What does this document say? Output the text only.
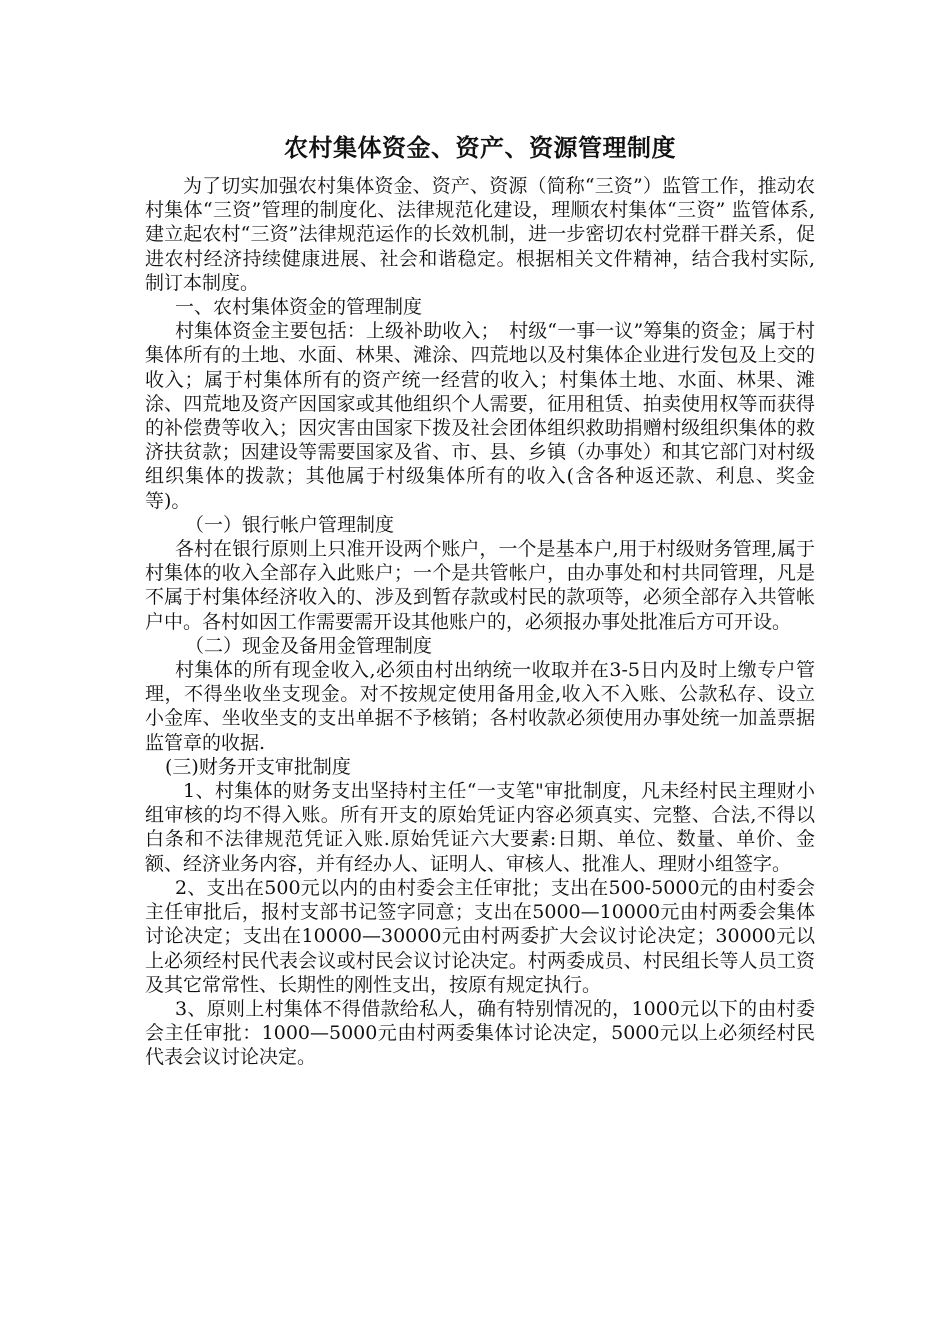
农村集体资金、资产、资源管理制度

为了切实加强农村集体资金、资产、资源（简称“三资”）监管工作，推动农村集体“三资”管理的制度化、法律规范化建设，理顺农村集体“三资” 监管体系,建立起农村“三资”法律规范运作的长效机制，进一步密切农村党群干群关系，促进农村经济持续健康进展、社会和谐稳定。根据相关文件精神，结合我村实际,制订本制度。

一、农村集体资金的管理制度

村集体资金主要包括：上级补助收入；　村级“一事一议”筹集的资金；属于村集体所有的土地、水面、林果、滩涂、四荒地以及村集体企业进行发包及上交的收入；属于村集体所有的资产统一经营的收入；村集体土地、水面、林果、滩涂、四荒地及资产因国家或其他组织个人需要，征用租赁、拍卖使用权等而获得的补偿费等收入；因灾害由国家下拨及社会团体组织救助捐赠村级组织集体的救济扶贫款；因建设等需要国家及省、市、县、乡镇（办事处）和其它部门对村级组织集体的拨款；其他属于村级集体所有的收入(含各种返还款、利息、奖金等)。

（一）银行帐户管理制度

各村在银行原则上只准开设两个账户，一个是基本户,用于村级财务管理,属于村集体的收入全部存入此账户；一个是共管帐户，由办事处和村共同管理，凡是不属于村集体经济收入的、涉及到暂存款或村民的款项等，必须全部存入共管帐户中。各村如因工作需要需开设其他账户的，必须报办事处批准后方可开设。

（二）现金及备用金管理制度

村集体的所有现金收入,必须由村出纳统一收取并在3-5日内及时上缴专户管理，不得坐收坐支现金。对不按规定使用备用金,收入不入账、公款私存、设立小金库、坐收坐支的支出单据不予核销；各村收款必须使用办事处统一加盖票据监管章的收据.

(三)财务开支审批制度

1、村集体的财务支出坚持村主任“一支笔"审批制度，凡未经村民主理财小组审核的均不得入账。所有开支的原始凭证内容必须真实、完整、合法,不得以白条和不法律规范凭证入账.原始凭证六大要素:日期、单位、数量、单价、金额、经济业务内容，并有经办人、证明人、审核人、批准人、理财小组签字。

2、支出在500元以内的由村委会主任审批；支出在500-5000元的由村委会主任审批后，报村支部书记签字同意；支出在5000—10000元由村两委会集体讨论决定；支出在10000—30000元由村两委扩大会议讨论决定；30000元以上必须经村民代表会议或村民会议讨论决定。村两委成员、村民组长等人员工资及其它常常性、长期性的刚性支出，按原有规定执行。

3、原则上村集体不得借款给私人，确有特别情况的，1000元以下的由村委会主任审批：1000—5000元由村两委集体讨论决定，5000元以上必须经村民代表会议讨论决定。
